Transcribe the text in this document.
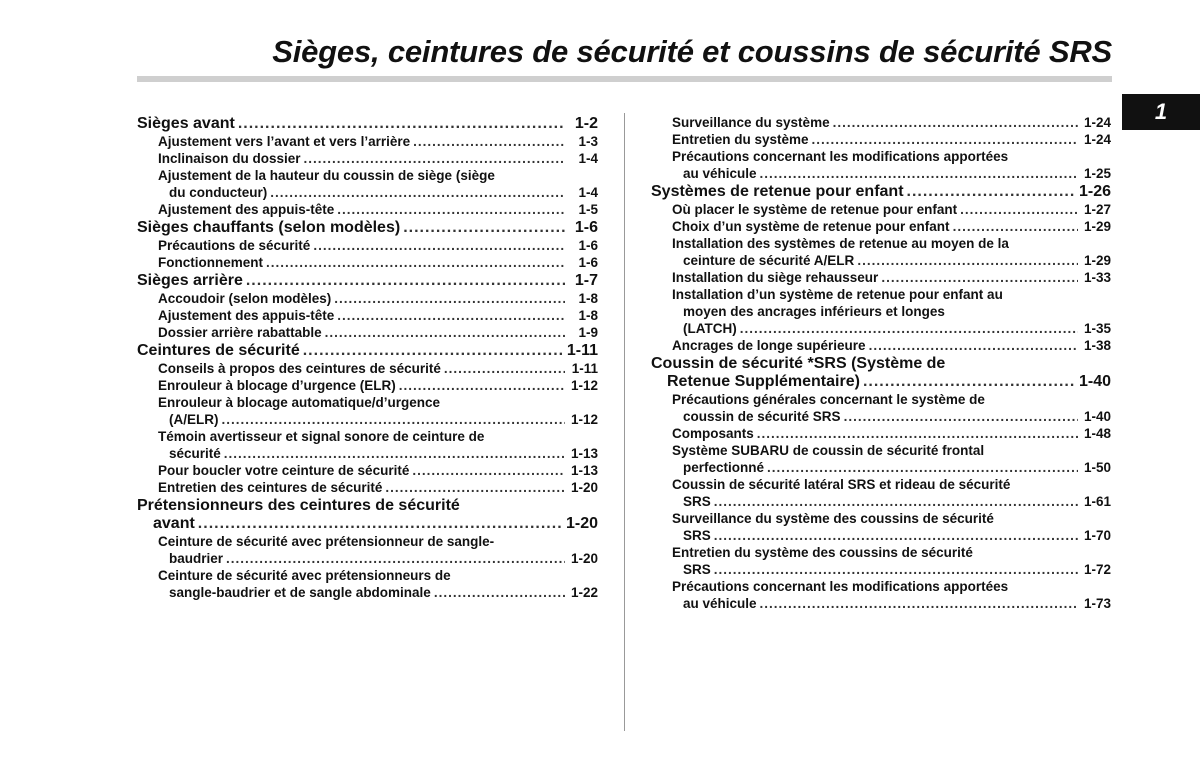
Sièges, ceintures de sécurité et coussins de sécurité SRS
1
Sièges avant .....	1-2
Ajustement vers l’avant et vers l’arrière .....	1-3
Inclinaison du dossier .....	1-4
Ajustement de la hauteur du coussin de siège (siège
du conducteur) .....	1-4
Ajustement des appuis-tête .....	1-5
Sièges chauffants (selon modèles) .....	1-6
Précautions de sécurité .....	1-6
Fonctionnement .....	1-6
Sièges arrière .....	1-7
Accoudoir (selon modèles) .....	1-8
Ajustement des appuis-tête .....	1-8
Dossier arrière rabattable .....	1-9
Ceintures de sécurité .....	1-11
Conseils à propos des ceintures de sécurité .....	1-11
Enrouleur à blocage d’urgence (ELR) .....	1-12
Enrouleur à blocage automatique/d’urgence
(A/ELR) .....	1-12
Témoin avertisseur et signal sonore de ceinture de
sécurité .....	1-13
Pour boucler votre ceinture de sécurité .....	1-13
Entretien des ceintures de sécurité .....	1-20
Prétensionneurs des ceintures de sécurité
avant .....	1-20
Ceinture de sécurité avec prétensionneur de sangle-
baudrier .....	1-20
Ceinture de sécurité avec prétensionneurs de
sangle-baudrier et de sangle abdominale .....	1-22
Surveillance du système .....	1-24
Entretien du système .....	1-24
Précautions concernant les modifications apportées
au véhicule .....	1-25
Systèmes de retenue pour enfant .....	1-26
Où placer le système de retenue pour enfant .....	1-27
Choix d’un système de retenue pour enfant .....	1-29
Installation des systèmes de retenue au moyen de la
ceinture de sécurité A/ELR .....	1-29
Installation du siège rehausseur .....	1-33
Installation d’un système de retenue pour enfant au
moyen des ancrages inférieurs et longes
(LATCH) .....	1-35
Ancrages de longe supérieure .....	1-38
Coussin de sécurité *SRS (Système de
Retenue Supplémentaire) .....	1-40
Précautions générales concernant le système de
coussin de sécurité SRS .....	1-40
Composants .....	1-48
Système SUBARU de coussin de sécurité frontal
perfectionné .....	1-50
Coussin de sécurité latéral SRS et rideau de sécurité
SRS .....	1-61
Surveillance du système des coussins de sécurité
SRS .....	1-70
Entretien du système des coussins de sécurité
SRS .....	1-72
Précautions concernant les modifications apportées
au véhicule .....	1-73
